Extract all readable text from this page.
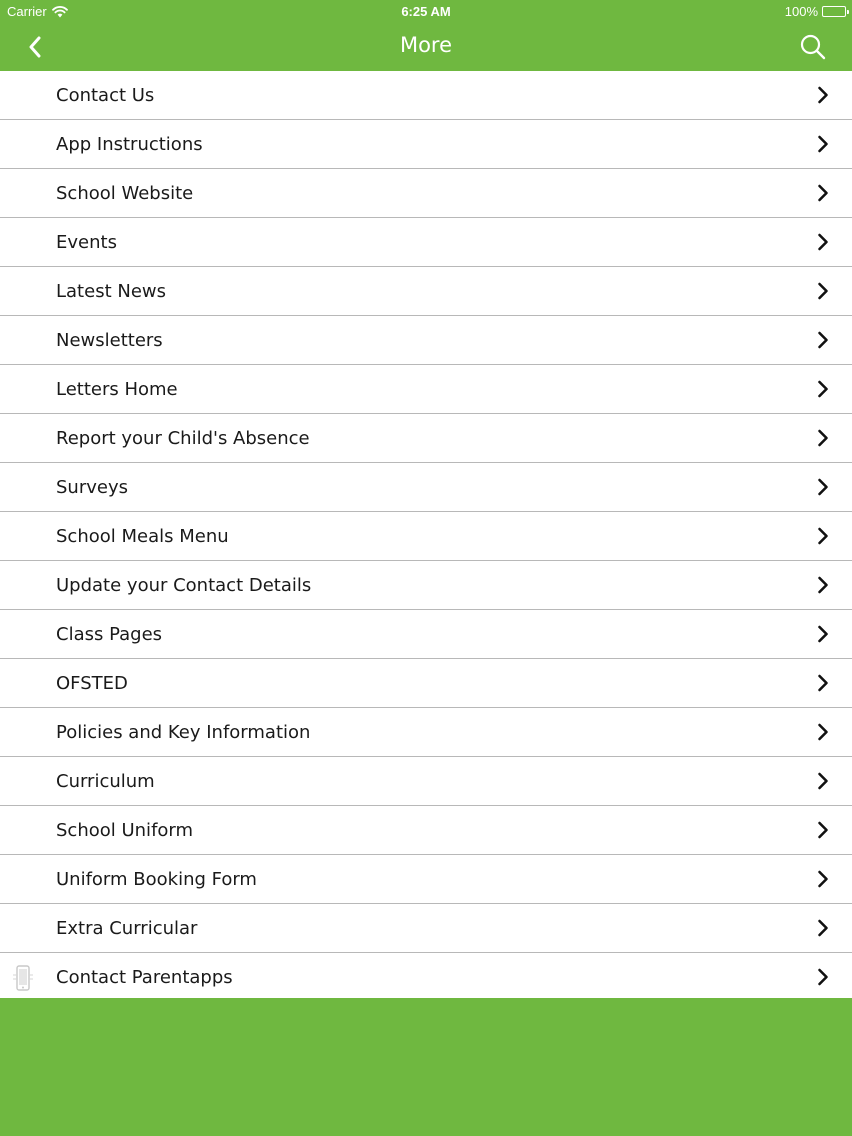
Carrier	6:25 AM	100%
More
Contact Us
App Instructions
School Website
Events
Latest News
Newsletters
Letters Home
Report your Child's Absence
Surveys
School Meals Menu
Update your Contact Details
Class Pages
OFSTED
Policies and Key Information
Curriculum
School Uniform
Uniform Booking Form
Extra Curricular
Contact Parentapps
